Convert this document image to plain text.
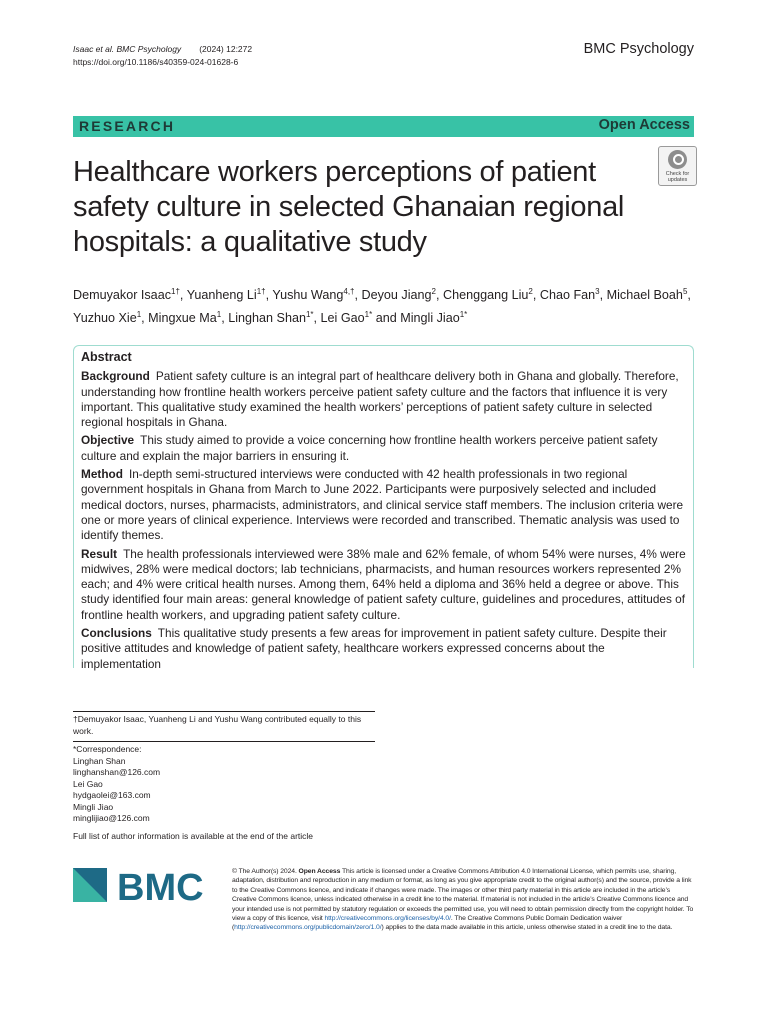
Isaac et al. BMC Psychology (2024) 12:272
https://doi.org/10.1186/s40359-024-01628-6
BMC Psychology
RESEARCH	Open Access
Healthcare workers perceptions of patient safety culture in selected Ghanaian regional hospitals: a qualitative study
Check for
updates
Demuyakor Isaac$^{1\dagger}$, Yuanheng $Li^{1\dagger}$, Yushu Wang$^{4,\dagger}$, Deyou Jiang$^2$, Chenggang Liu$^2$, Chao Fan$^3$, Michael Boah$^5$, Yuzhuo Xie$^1$, Mingxue Ma$^1$, Linghan Shan$^{1*}$, Lei Gao$^{1*}$ and Mingli Jiao$^{1*}$
Abstract

Background Patient safety culture is an integral part of healthcare delivery both in Ghana and globally. Therefore, understanding how frontline health workers perceive patient safety culture and the factors that influence it is very important. This qualitative study examined the health workers’ perceptions of patient safety culture in selected regional hospitals in Ghana.

Objective This study aimed to provide a voice concerning how frontline health workers perceive patient safety culture and explain the major barriers in ensuring it.

Method In-depth semi-structured interviews were conducted with 42 health professionals in two regional government hospitals in Ghana from March to June 2022. Participants were purposively selected and included medical doctors, nurses, pharmacists, administrators, and clinical service staff members. The inclusion criteria were one or more years of clinical experience. Interviews were recorded and transcribed. Thematic analysis was used to identify themes.

Result The health professionals interviewed were 38% male and 62% female, of whom 54% were nurses, 4% were midwives, 28% were medical doctors; lab technicians, pharmacists, and human resources workers represented 2% each; and 4% were critical health nurses. Among them, 64% held a diploma and 36% held a degree or above. This study identified four main areas: general knowledge of patient safety culture, guidelines and procedures, attitudes of frontline health workers, and upgrading patient safety culture.

Conclusions This qualitative study presents a few areas for improvement in patient safety culture. Despite their positive attitudes and knowledge of patient safety, healthcare workers expressed concerns about the implementation

†Demuyakor Isaac, Yuanheng Li and Yushu Wang contributed equally to this work.
*Correspondence:
Linghan Shan
linghanshan@126.com
Lei Gao
hydgaolei@163.com
Mingli Jiao
minglijiao@126.com
Full list of author information is available at the end of the article
BMC	© The Author(s) 2024. Open Access This article is licensed under a Creative Commons Attribution 4.0 International License, which permits use, sharing, adaptation, distribution and reproduction in any medium or format, as long as you give appropriate credit to the original author(s) and the source, provide a link to the Creative Commons licence, and indicate if changes were made. The images or other third party material in this article are included in the article’s Creative Commons licence, unless indicated otherwise in a credit line to the material. If material is not included in the article’s Creative Commons licence and your intended use is not permitted by statutory regulation or exceeds the permitted use, you will need to obtain permission directly from the copyright holder. To view a copy of this licence, visit http://creativecommons.org/licenses/by/4.0/. The Creative Commons Public Domain Dedication waiver (http://creativecommons.org/publicdomain/zero/1.0/) applies to the data made available in this article, unless otherwise stated in a credit line to the data.
